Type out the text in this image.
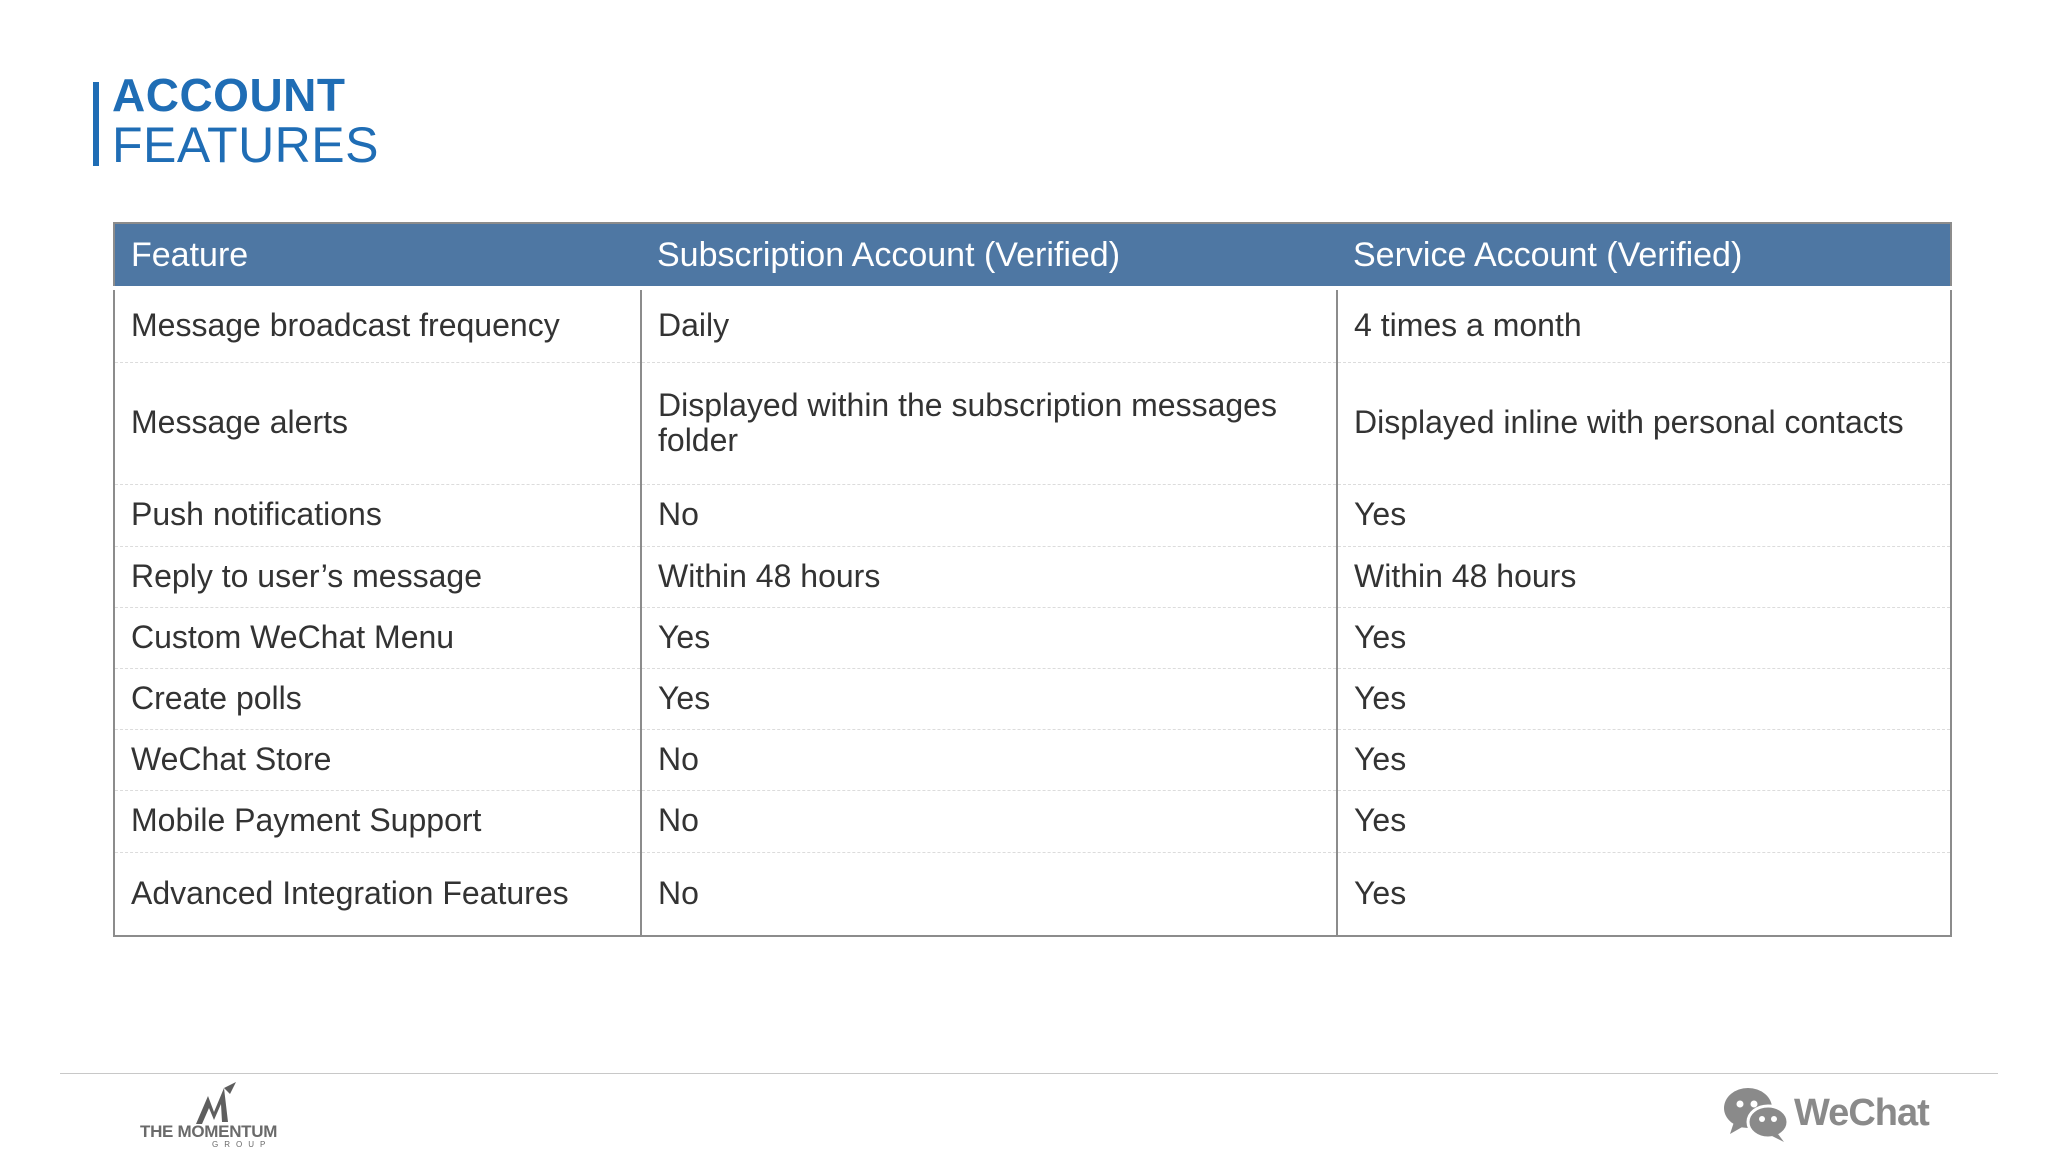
ACCOUNT
FEATURES
Feature	Subscription Account (Verified)	Service Account (Verified)
Message broadcast frequency	Daily	4 times a month
Message alerts	Displayed within the subscription messages folder	Displayed inline with personal contacts
Push notifications	No	Yes
Reply to user’s message	Within 48 hours	Within 48 hours
Custom WeChat Menu	Yes	Yes
Create polls	Yes	Yes
WeChat Store	No	Yes
Mobile Payment Support	No	Yes
Advanced Integration Features	No	Yes
THE MOMENTUM
GROUP
WeChat
